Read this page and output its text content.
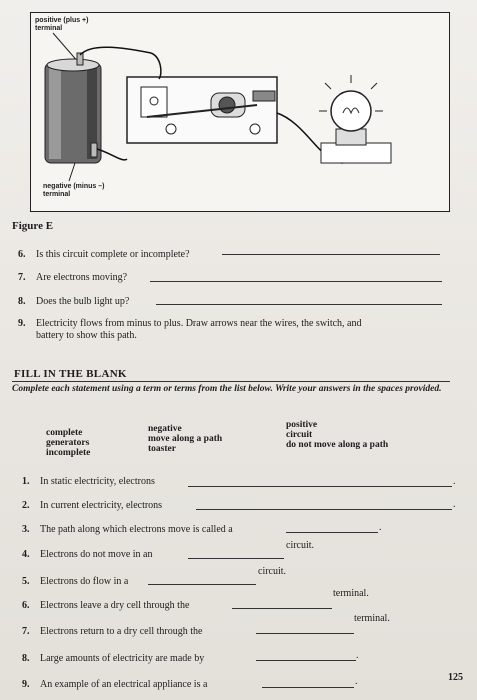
positive (plus +)
terminal
negative (minus –)
terminal
Figure E
6. Is this circuit complete or incomplete?
7. Are electrons moving?
8. Does the bulb light up?
9. Electricity flows from minus to plus. Draw arrows near the wires, the switch, and
battery to show this path.
FILL IN THE BLANK
Complete each statement using a term or terms from the list below. Write your answers in the spaces provided.
complete
generators
incomplete
negative
move along a path
toaster
positive
circuit
do not move along a path
1. In static electricity, electrons	.
2. In current electricity, electrons	.
3. The path along which electrons move is called a	.
4. Electrons do not move in an
circuit.
5. Electrons do flow in a
circuit.
6. Electrons leave a dry cell through the
terminal.
7. Electrons return to a dry cell through the
terminal.
8. Large amounts of electricity are made by	.
9. An example of an electrical appliance is a	.	125
